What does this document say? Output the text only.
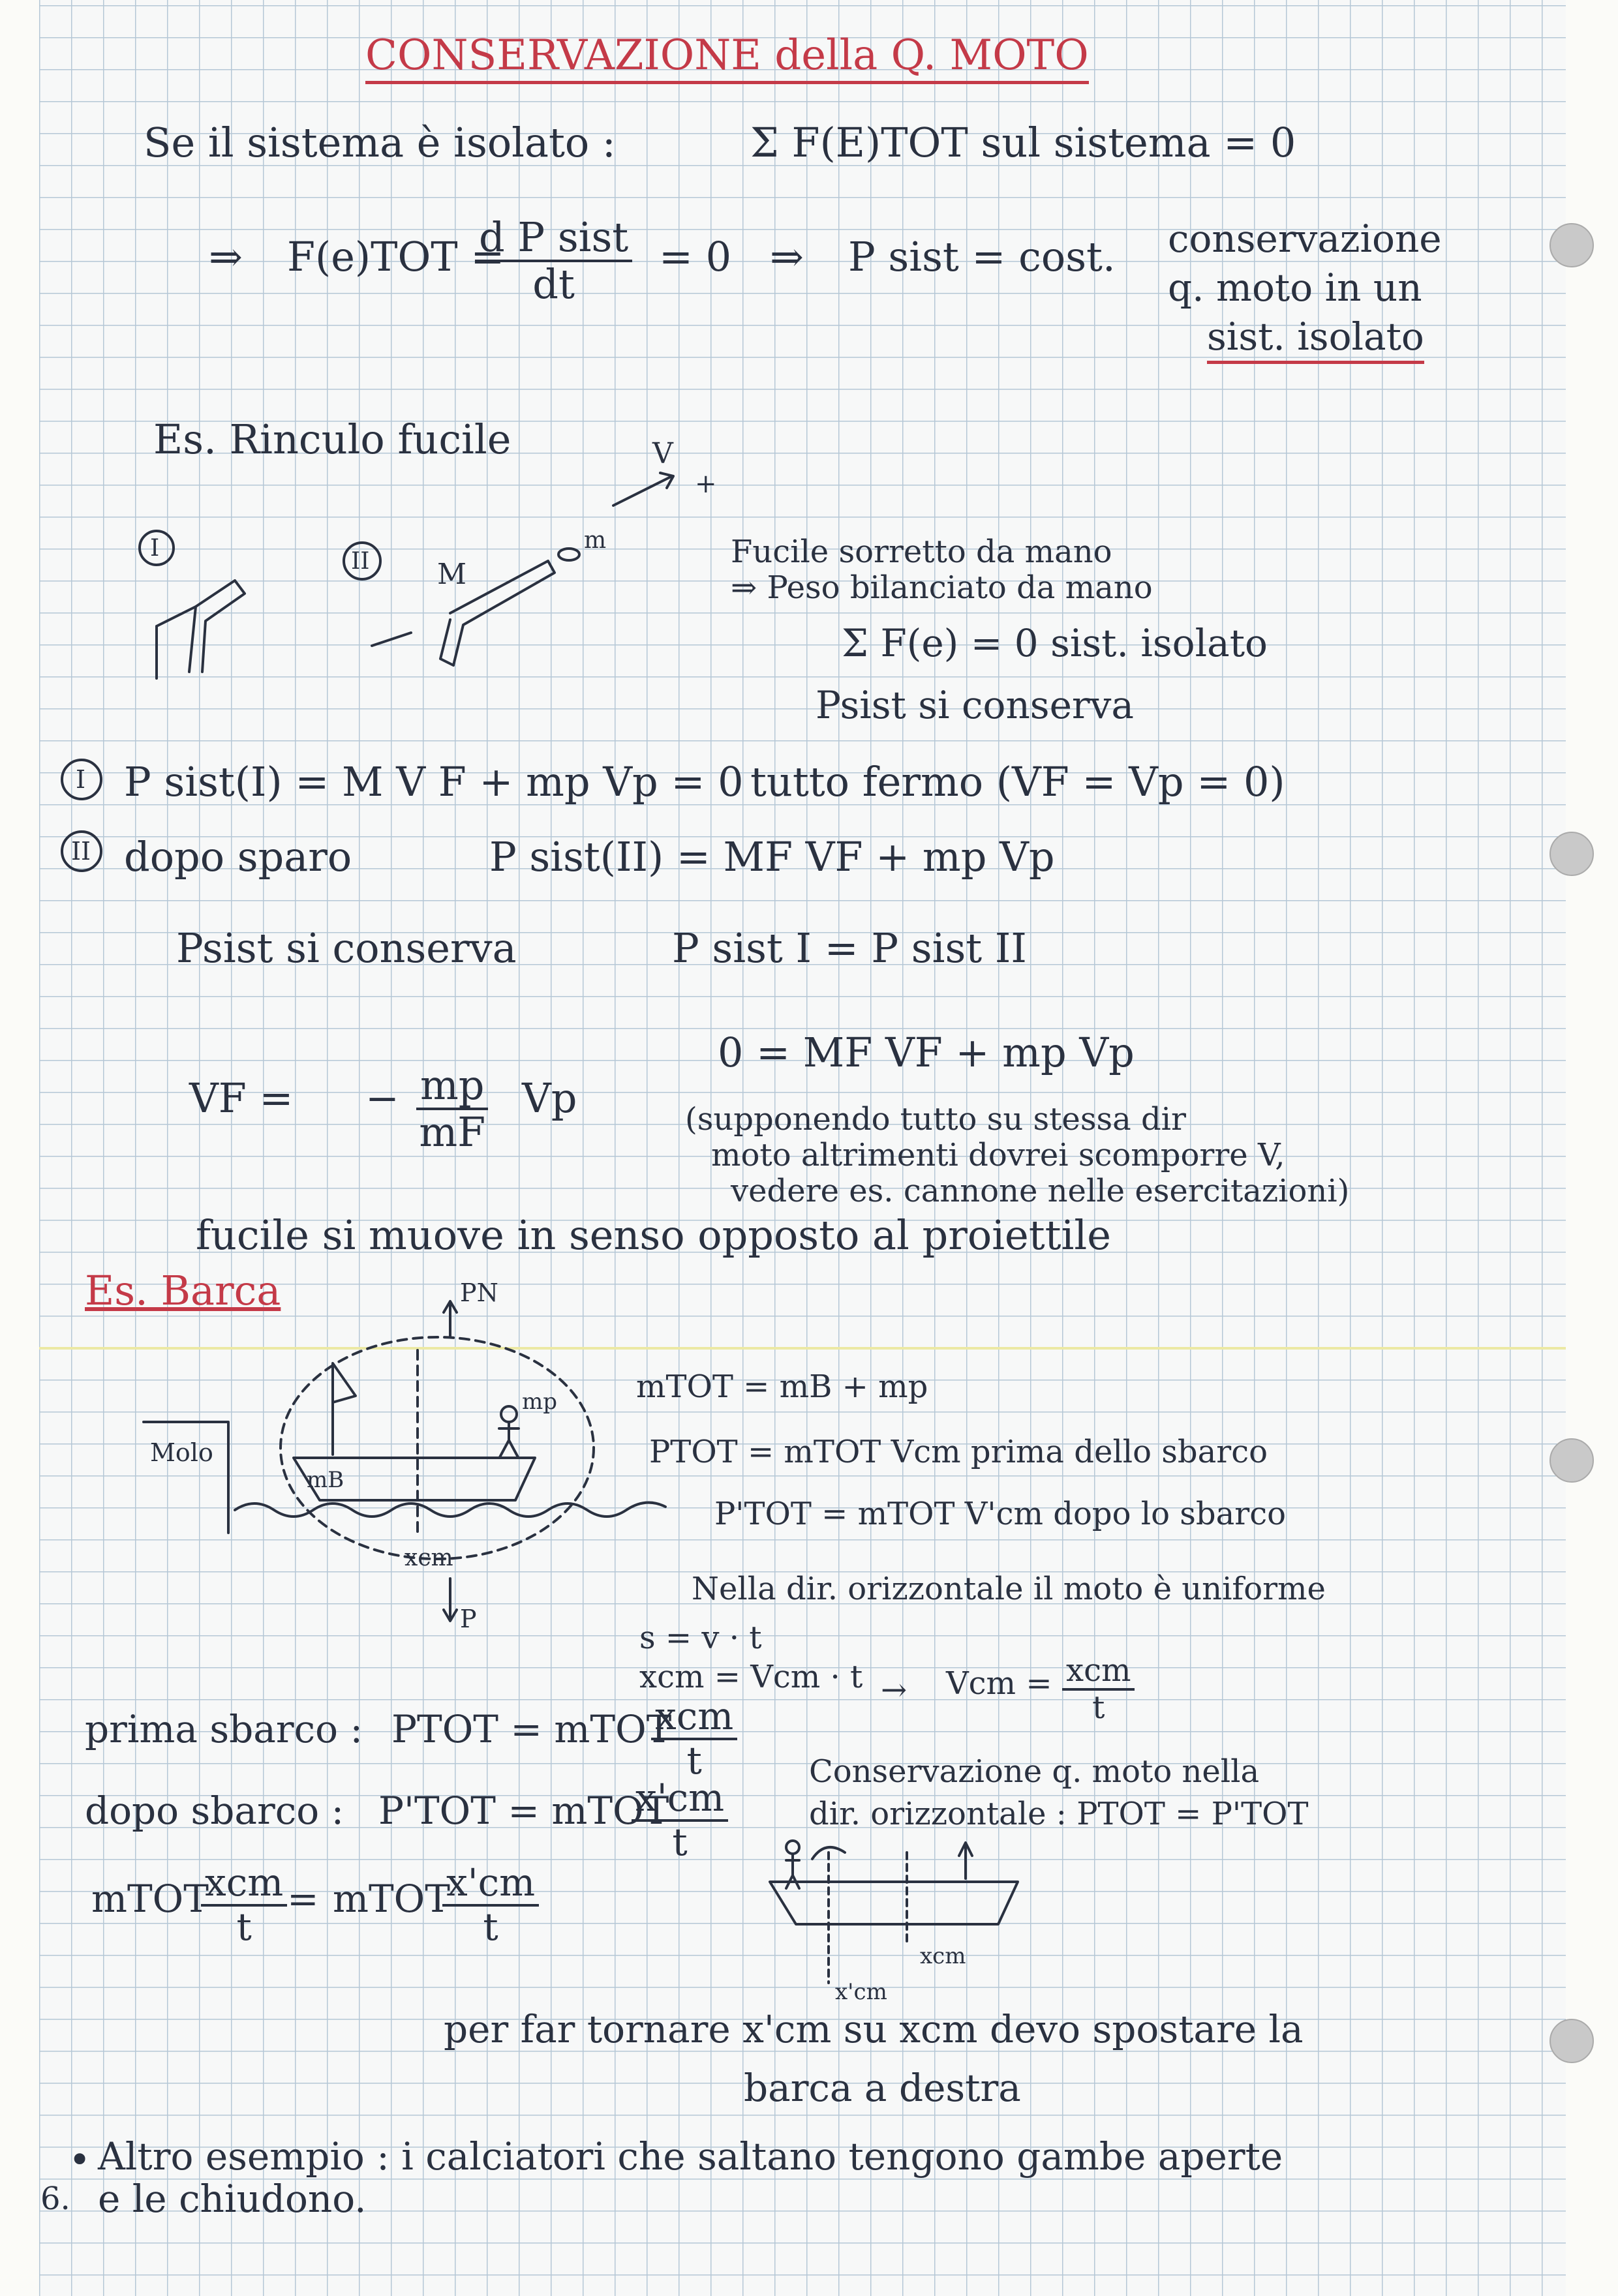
CONSERVAZIONE della Q. MOTO
Se il sistema è isolato :	Σ F(E)TOT sul sistema = 0
⇒ F(e)TOT =
$\frac{\text{d P sist}}{dt} = 0$ ⇒ P sist = cost. conservazione
q. moto in un
sist. isolato
Es. Rinculo fucile
I	II M
m
V
+
Fucile sorretto da mano
⇒ Peso bilanciato da mano
Σ F(e) = 0 sist. isolato
Psist si conserva
I
II
P sist(I) = M V F + mp Vp = 0 tutto fermo (VF = Vp = 0)
dopo sparo	P sist(II) = MF VF + mp Vp
Psist si conserva	P sist I = P sist II
0 = MF VF + mp Vp
VF = − $\frac{mp}{mF}$ Vp	(supponendo tutto su stessa dir
moto altrimenti dovrei scomporre V,
vedere es. cannone nelle esercitazioni)
fucile si muove in senso opposto al proiettile
Es. Barca	PN
Molo
mp
mB
xcm
P
mTOT = mB + mp
PTOT = mTOT Vcm prima dello sbarco
P'TOT = mTOT V'cm dopo lo sbarco
Nella dir. orizzontale il moto è uniforme
s = v · t
xcm = Vcm · t → Vcm = $\frac{\text{xcm}}{t}$
prima sbarco : PTOT = mTOT
$\frac{\text{xcm}}{t}$
dopo sbarco : P'TOT = mTOT
$\frac{x'cm}{t}$
Conservazione q. moto nella
dir. orizzontale : PTOT = P'TOT
mTOT
$\frac{\text{xcm}}{t}$ = mTOT
$\frac{x'cm}{t}$
xcm
x'cm
per far tornare x'cm su xcm devo spostare la
barca a destra
• Altro esempio : i calciatori che saltano tengono gambe aperte
e le chiudono.
6.
